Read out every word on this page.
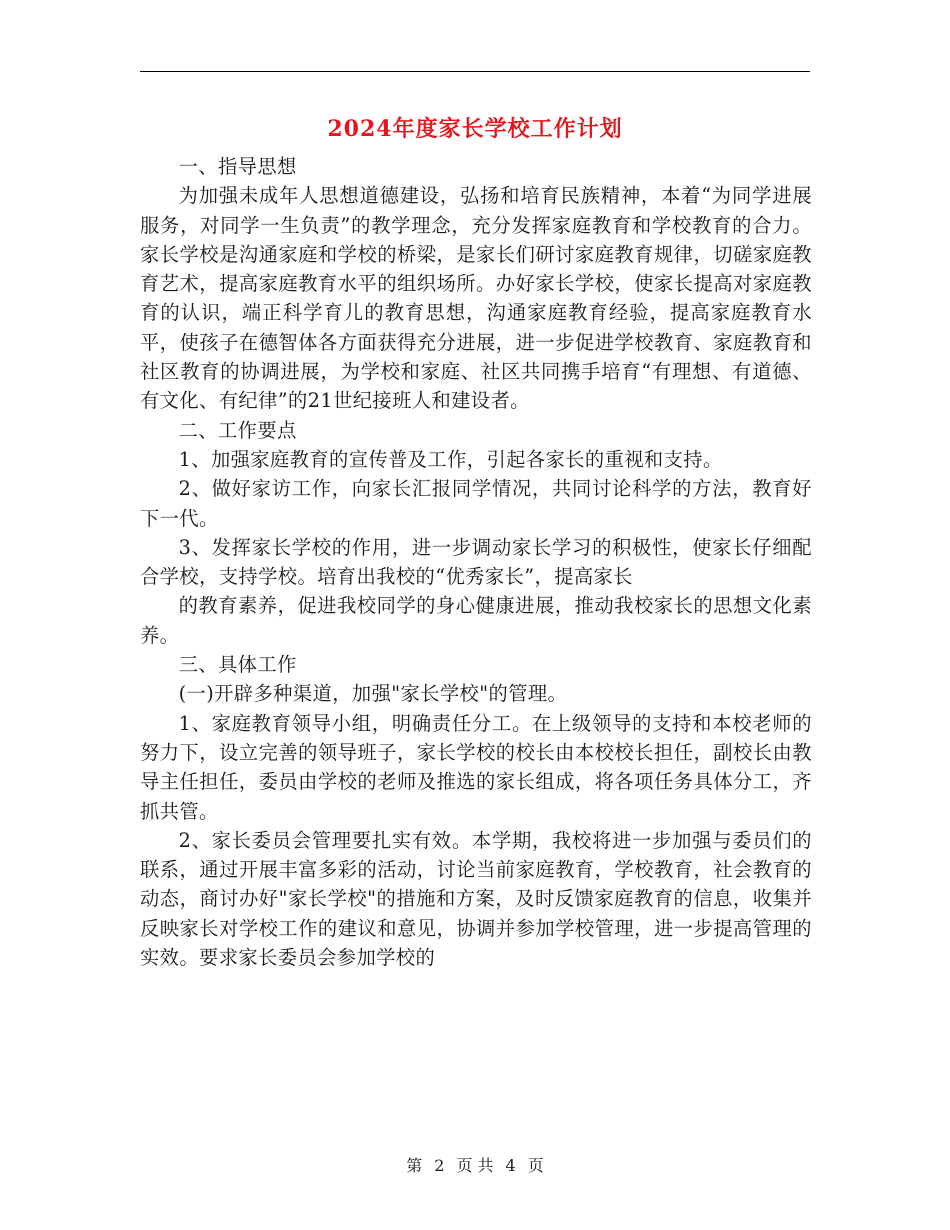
2024年度家长学校工作计划

一、指导思想

为加强未成年人思想道德建设，弘扬和培育民族精神，本着“为同学进展服务，对同学一生负责”的教学理念，充分发挥家庭教育和学校教育的合力。家长学校是沟通家庭和学校的桥梁，是家长们研讨家庭教育规律，切磋家庭教育艺术，提高家庭教育水平的组织场所。办好家长学校，使家长提高对家庭教育的认识，端正科学育儿的教育思想，沟通家庭教育经验，提高家庭教育水平，使孩子在德智体各方面获得充分进展，进一步促进学校教育、家庭教育和社区教育的协调进展，为学校和家庭、社区共同携手培育“有理想、有道德、有文化、有纪律”的21世纪接班人和建设者。

二、工作要点

1、加强家庭教育的宣传普及工作，引起各家长的重视和支持。

2、做好家访工作，向家长汇报同学情况，共同讨论科学的方法，教育好下一代。

3、发挥家长学校的作用，进一步调动家长学习的积极性，使家长仔细配合学校，支持学校。培育出我校的“优秀家长”，提高家长

的教育素养，促进我校同学的身心健康进展，推动我校家长的思想文化素养。

三、具体工作

(一)开辟多种渠道，加强"家长学校"的管理。

1、家庭教育领导小组，明确责任分工。在上级领导的支持和本校老师的努力下，设立完善的领导班子，家长学校的校长由本校校长担任，副校长由教导主任担任，委员由学校的老师及推选的家长组成，将各项任务具体分工，齐抓共管。

2、家长委员会管理要扎实有效。本学期，我校将进一步加强与委员们的联系，通过开展丰富多彩的活动，讨论当前家庭教育，学校教育，社会教育的动态，商讨办好"家长学校"的措施和方案，及时反馈家庭教育的信息，收集并反映家长对学校工作的建议和意见，协调并参加学校管理，进一步提高管理的实效。要求家长委员会参加学校的

第 2 页 共 4 页
